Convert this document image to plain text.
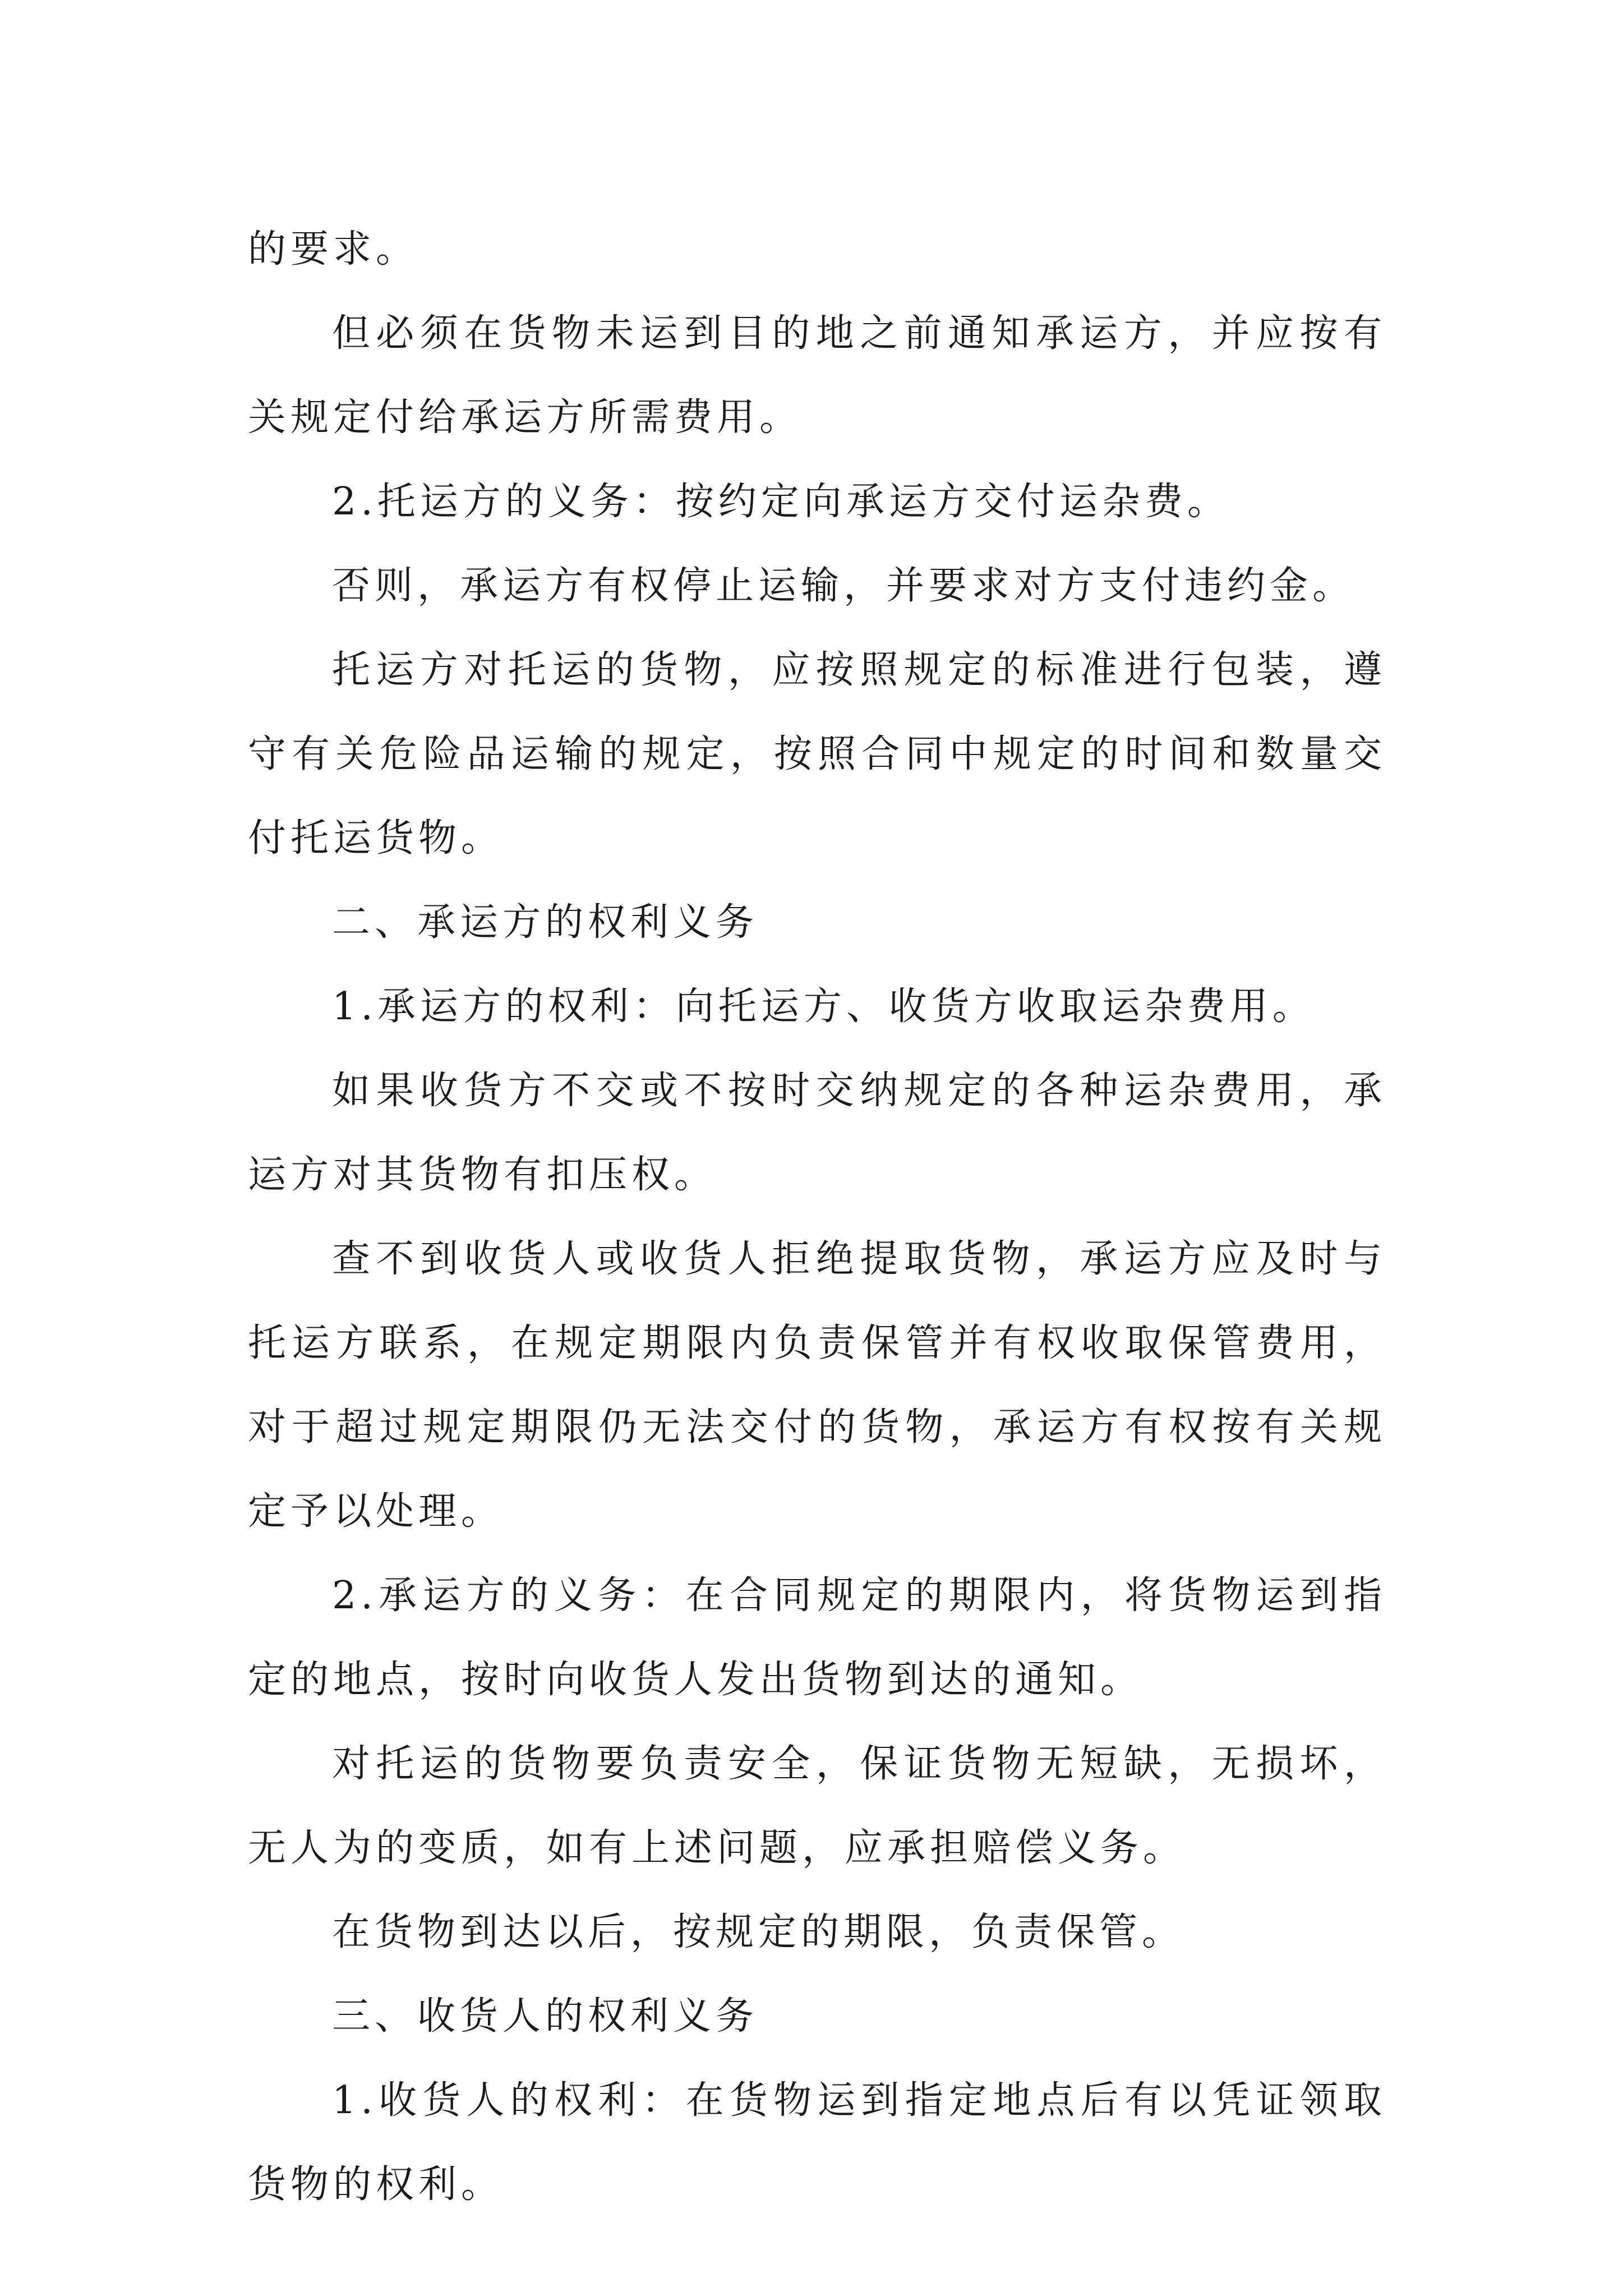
的要求。

但必须在货物未运到目的地之前通知承运方，并应按有关规定付给承运方所需费用。

2.托运方的义务：按约定向承运方交付运杂费。

否则，承运方有权停止运输，并要求对方支付违约金。

托运方对托运的货物，应按照规定的标准进行包装，遵守有关危险品运输的规定，按照合同中规定的时间和数量交付托运货物。

二、承运方的权利义务

1.承运方的权利：向托运方、收货方收取运杂费用。

如果收货方不交或不按时交纳规定的各种运杂费用，承运方对其货物有扣压权。

查不到收货人或收货人拒绝提取货物，承运方应及时与托运方联系，在规定期限内负责保管并有权收取保管费用，对于超过规定期限仍无法交付的货物，承运方有权按有关规定予以处理。

2.承运方的义务：在合同规定的期限内，将货物运到指定的地点，按时向收货人发出货物到达的通知。

对托运的货物要负责安全，保证货物无短缺，无损坏，无人为的变质，如有上述问题，应承担赔偿义务。

在货物到达以后，按规定的期限，负责保管。

三、收货人的权利义务

1.收货人的权利：在货物运到指定地点后有以凭证领取货物的权利。
